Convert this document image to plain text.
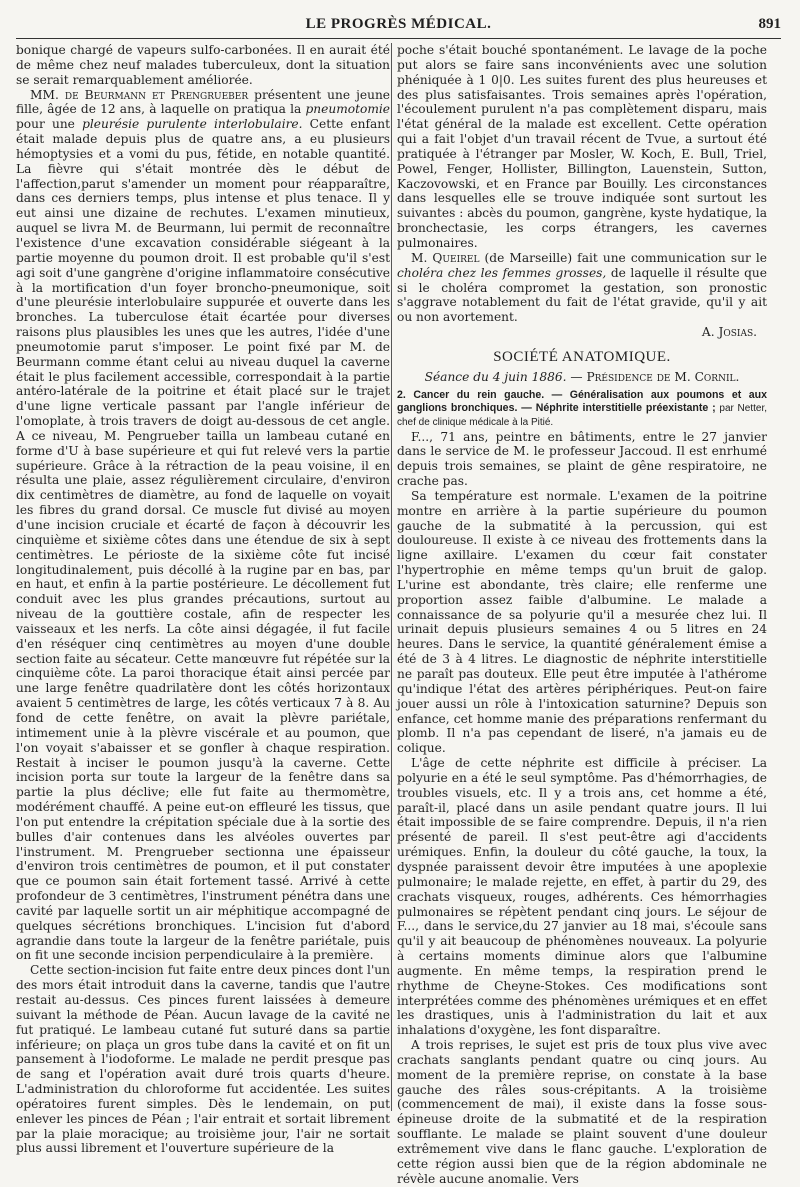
LE PROGRÈS MÉDICAL.	891

bonique chargé de vapeurs sulfo-carbonées. Il en aurait été de même chez neuf malades tuberculeux, dont la situation se serait remarquablement améliorée.

MM. de Beurmann et Prengrueber présentent une jeune fille, âgée de 12 ans, à laquelle on pratiqua la pneumotomie pour une pleurésie purulente interlobulaire. Cette enfant était malade depuis plus de quatre ans, a eu plusieurs hémoptysies et a vomi du pus, fétide, en notable quantité. La fièvre qui s'était montrée dès le début de l'affection,parut s'amender un moment pour réapparaître, dans ces derniers temps, plus intense et plus tenace. Il y eut ainsi une dizaine de rechutes. L'examen minutieux, auquel se livra M. de Beurmann, lui permit de reconnaître l'existence d'une excavation considérable siégeant à la partie moyenne du poumon droit. Il est probable qu'il s'est agi soit d'une gangrène d'origine inflammatoire consécutive à la mortification d'un foyer broncho-pneumonique, soit d'une pleurésie interlobulaire suppurée et ouverte dans les bronches. La tuberculose était écartée pour diverses raisons plus plausibles les unes que les autres, l'idée d'une pneumotomie parut s'imposer. Le point fixé par M. de Beurmann comme étant celui au niveau duquel la caverne était le plus facilement accessible, correspondait à la partie antéro-latérale de la poitrine et était placé sur le trajet d'une ligne verticale passant par l'angle inférieur de l'omoplate, à trois travers de doigt au-dessous de cet angle. A ce niveau, M. Pengrueber tailla un lambeau cutané en forme d'U à base supérieure et qui fut relevé vers la partie supérieure. Grâce à la rétraction de la peau voisine, il en résulta une plaie, assez régulièrement circulaire, d'environ dix centimètres de diamètre, au fond de laquelle on voyait les fibres du grand dorsal. Ce muscle fut divisé au moyen d'une incision cruciale et écarté de façon à découvrir les cinquième et sixième côtes dans une étendue de six à sept centimètres. Le périoste de la sixième côte fut incisé longitudinalement, puis décollé à la rugine par en bas, par en haut, et enfin à la partie postérieure. Le décollement fut conduit avec les plus grandes précautions, surtout au niveau de la gouttière costale, afin de respecter les vaisseaux et les nerfs. La côte ainsi dégagée, il fut facile d'en réséquer cinq centimètres au moyen d'une double section faite au sécateur. Cette manœuvre fut répétée sur la cinquième côte. La paroi thoracique était ainsi percée par une large fenêtre quadrilatère dont les côtés horizontaux avaient 5 centimètres de large, les côtés verticaux 7 à 8. Au fond de cette fenêtre, on avait la plèvre pariétale, intimement unie à la plèvre viscérale et au poumon, que l'on voyait s'abaisser et se gonfler à chaque respiration. Restait à inciser le poumon jusqu'à la caverne. Cette incision porta sur toute la largeur de la fenêtre dans sa partie la plus déclive; elle fut faite au thermomètre, modérément chauffé. A peine eut-on effleuré les tissus, que l'on put entendre la crépitation spéciale due à la sortie des bulles d'air contenues dans les alvéoles ouvertes par l'instrument. M. Prengrueber sectionna une épaisseur d'environ trois centimètres de poumon, et il put constater que ce poumon sain était fortement tassé. Arrivé à cette profondeur de 3 centimètres, l'instrument pénétra dans une cavité par laquelle sortit un air méphitique accompagné de quelques sécrétions bronchiques. L'incision fut d'abord agrandie dans toute la largeur de la fenêtre pariétale, puis on fit une seconde incision perpendiculaire à la première.

Cette section-incision fut faite entre deux pinces dont l'un des mors était introduit dans la caverne, tandis que l'autre restait au-dessus. Ces pinces furent laissées à demeure suivant la méthode de Péan. Aucun lavage de la cavité ne fut pratiqué. Le lambeau cutané fut suturé dans sa partie inférieure; on plaça un gros tube dans la cavité et on fit un pansement à l'iodoforme. Le malade ne perdit presque pas de sang et l'opération avait duré trois quarts d'heure. L'administration du chloroforme fut accidentée. Les suites opératoires furent simples. Dès le lendemain, on put enlever les pinces de Péan ; l'air entrait et sortait librement par la plaie moracique; au troisième jour, l'air ne sortait plus aussi librement et l'ouverture supérieure de la

poche s'était bouché spontanément. Le lavage de la poche put alors se faire sans inconvénients avec une solution phéniquée à 1 0|0. Les suites furent des plus heureuses et des plus satisfaisantes. Trois semaines après l'opération, l'écoulement purulent n'a pas complètement disparu, mais l'état général de la malade est excellent. Cette opération qui a fait l'objet d'un travail récent de Tvue, a surtout été pratiquée à l'étranger par Mosler, W. Koch, E. Bull, Triel, Powel, Fenger, Hollister, Billington, Lauenstein, Sutton, Kaczovowski, et en France par Bouilly. Les circonstances dans lesquelles elle se trouve indiquée sont surtout les suivantes : abcès du poumon, gangrène, kyste hydatique, la bronchectasie, les corps étrangers, les cavernes pulmonaires.

M. Queirel (de Marseille) fait une communication sur le choléra chez les femmes grosses, de laquelle il résulte que si le choléra compromet la gestation, son pronostic s'aggrave notablement du fait de l'état gravide, qu'il y ait ou non avortement.

A. Josias.
SOCIÉTÉ ANATOMIQUE.
Séance du 4 juin 1886. — Présidence de M. Cornil.
2. Cancer du rein gauche. — Généralisation aux poumons et aux ganglions bronchiques. — Néphrite interstitielle préexistante ; par Netter, chef de clinique médicale à la Pitié.

F..., 71 ans, peintre en bâtiments, entre le 27 janvier dans le service de M. le professeur Jaccoud. Il est enrhumé depuis trois semaines, se plaint de gêne respiratoire, ne crache pas.

Sa température est normale. L'examen de la poitrine montre en arrière à la partie supérieure du poumon gauche de la submatité à la percussion, qui est douloureuse. Il existe à ce niveau des frottements dans la ligne axillaire. L'examen du cœur fait constater l'hypertrophie en même temps qu'un bruit de galop. L'urine est abondante, très claire; elle renferme une proportion assez faible d'albumine. Le malade a connaissance de sa polyurie qu'il a mesurée chez lui. Il urinait depuis plusieurs semaines 4 ou 5 litres en 24 heures. Dans le service, la quantité généralement émise a été de 3 à 4 litres. Le diagnostic de néphrite interstitielle ne paraît pas douteux. Elle peut être imputée à l'athérome qu'indique l'état des artères périphériques. Peut-on faire jouer aussi un rôle à l'intoxication saturnine? Depuis son enfance, cet homme manie des préparations renfermant du plomb. Il n'a pas cependant de liseré, n'a jamais eu de colique.

L'âge de cette néphrite est difficile à préciser. La polyurie en a été le seul symptôme. Pas d'hémorrhagies, de troubles visuels, etc. Il y a trois ans, cet homme a été, paraît-il, placé dans un asile pendant quatre jours. Il lui était impossible de se faire comprendre. Depuis, il n'a rien présenté de pareil. Il s'est peut-être agi d'accidents urémiques. Enfin, la douleur du côté gauche, la toux, la dyspnée paraissent devoir être imputées à une apoplexie pulmonaire; le malade rejette, en effet, à partir du 29, des crachats visqueux, rouges, adhérents. Ces hémorrhagies pulmonaires se répètent pendant cinq jours. Le séjour de F..., dans le service,du 27 janvier au 18 mai, s'écoule sans qu'il y ait beaucoup de phénomènes nouveaux. La polyurie à certains moments diminue alors que l'albumine augmente. En même temps, la respiration prend le rhythme de Cheyne-Stokes. Ces modifications sont interprétées comme des phénomènes urémiques et en effet les drastiques, unis à l'administration du lait et aux inhalations d'oxygène, les font disparaître.

A trois reprises, le sujet est pris de toux plus vive avec crachats sanglants pendant quatre ou cinq jours. Au moment de la première reprise, on constate à la base gauche des râles sous-crépitants. A la troisième (commencement de mai), il existe dans la fosse sous-épineuse droite de la submatité et de la respiration soufflante. Le malade se plaint souvent d'une douleur extrêmement vive dans le flanc gauche. L'exploration de cette région aussi bien que de la région abdominale ne révèle aucune anomalie. Vers
